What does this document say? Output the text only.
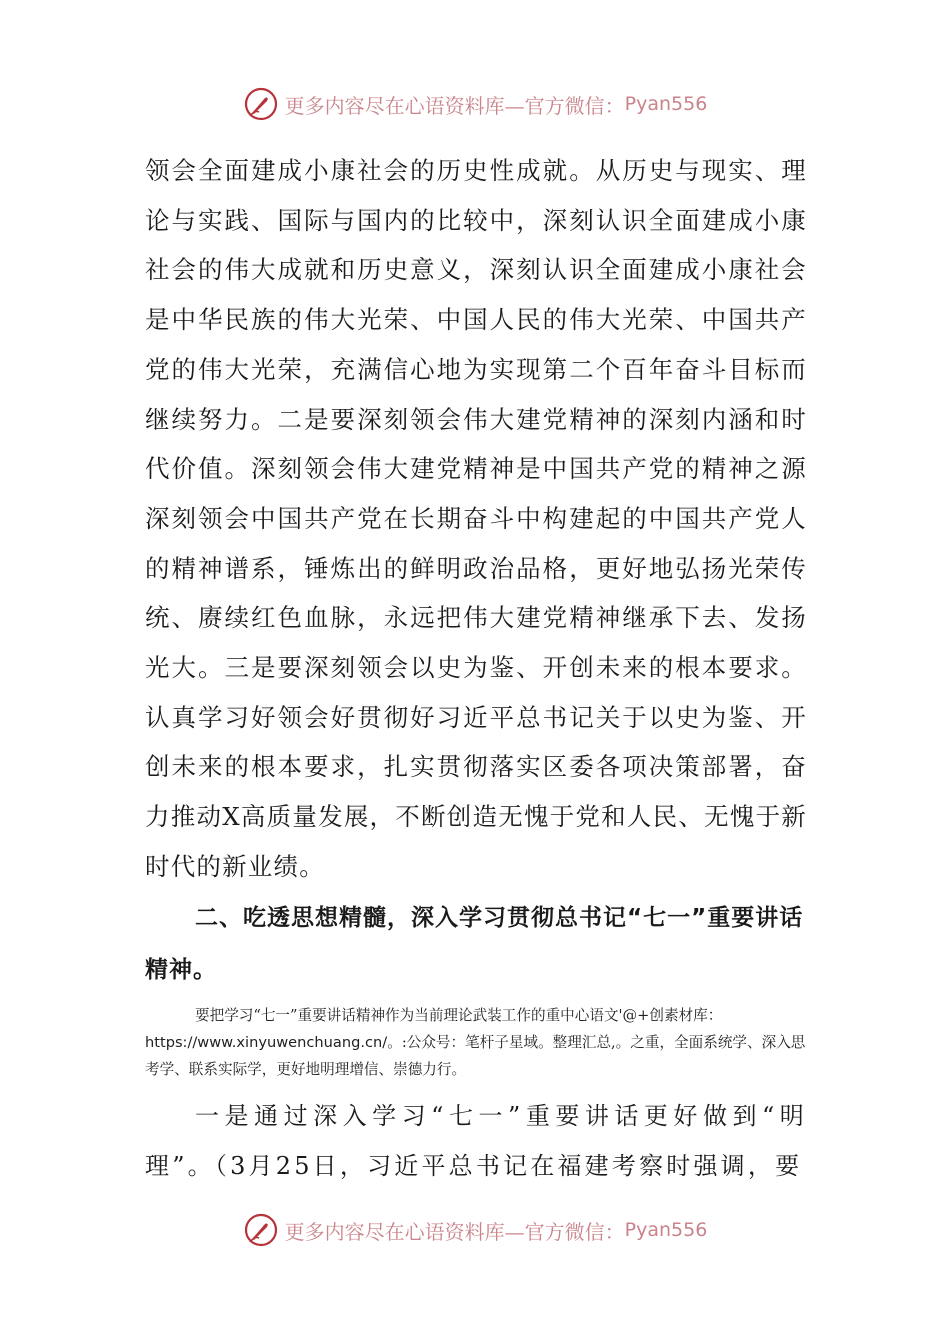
更多内容尽在心语资料库—官方微信： Pyan556

领会全面建成小康社会的历史性成就。从历史与现实、理论与实践、国际与国内的比较中，深刻认识全面建成小康社会的伟大成就和历史意义，深刻认识全面建成小康社会是中华民族的伟大光荣、中国人民的伟大光荣、中国共产党的伟大光荣，充满信心地为实现第二个百年奋斗目标而继续努力。二是要深刻领会伟大建党精神的深刻内涵和时代价值。深刻领会伟大建党精神是中国共产党的精神之源深刻领会中国共产党在长期奋斗中构建起的中国共产党人的精神谱系，锤炼出的鲜明政治品格，更好地弘扬光荣传统、赓续红色血脉，永远把伟大建党精神继承下去、发扬光大。三是要深刻领会以史为鉴、开创未来的根本要求。认真学习好领会好贯彻好习近平总书记关于以史为鉴、开创未来的根本要求，扎实贯彻落实区委各项决策部署，奋力推动X高质量发展，不断创造无愧于党和人民、无愧于新时代的新业绩。

二、吃透思想精髓，深入学习贯彻总书记“七一”重要讲话精神。

要把学习“七一”重要讲话精神作为当前理论武装工作的重中心语文'@+创素材库：https://www.xinyuwenchuang.cn/。:公众号：笔杆子星域。整理汇总,。之重，全面系统学、深入思考学、联系实际学，更好地明理增信、崇德力行。

一是通过深入学习“七一”重要讲话更好做到“明理”。（3月25日，习近平总书记在福建考察时强调，要

更多内容尽在心语资料库—官方微信： Pyan556
